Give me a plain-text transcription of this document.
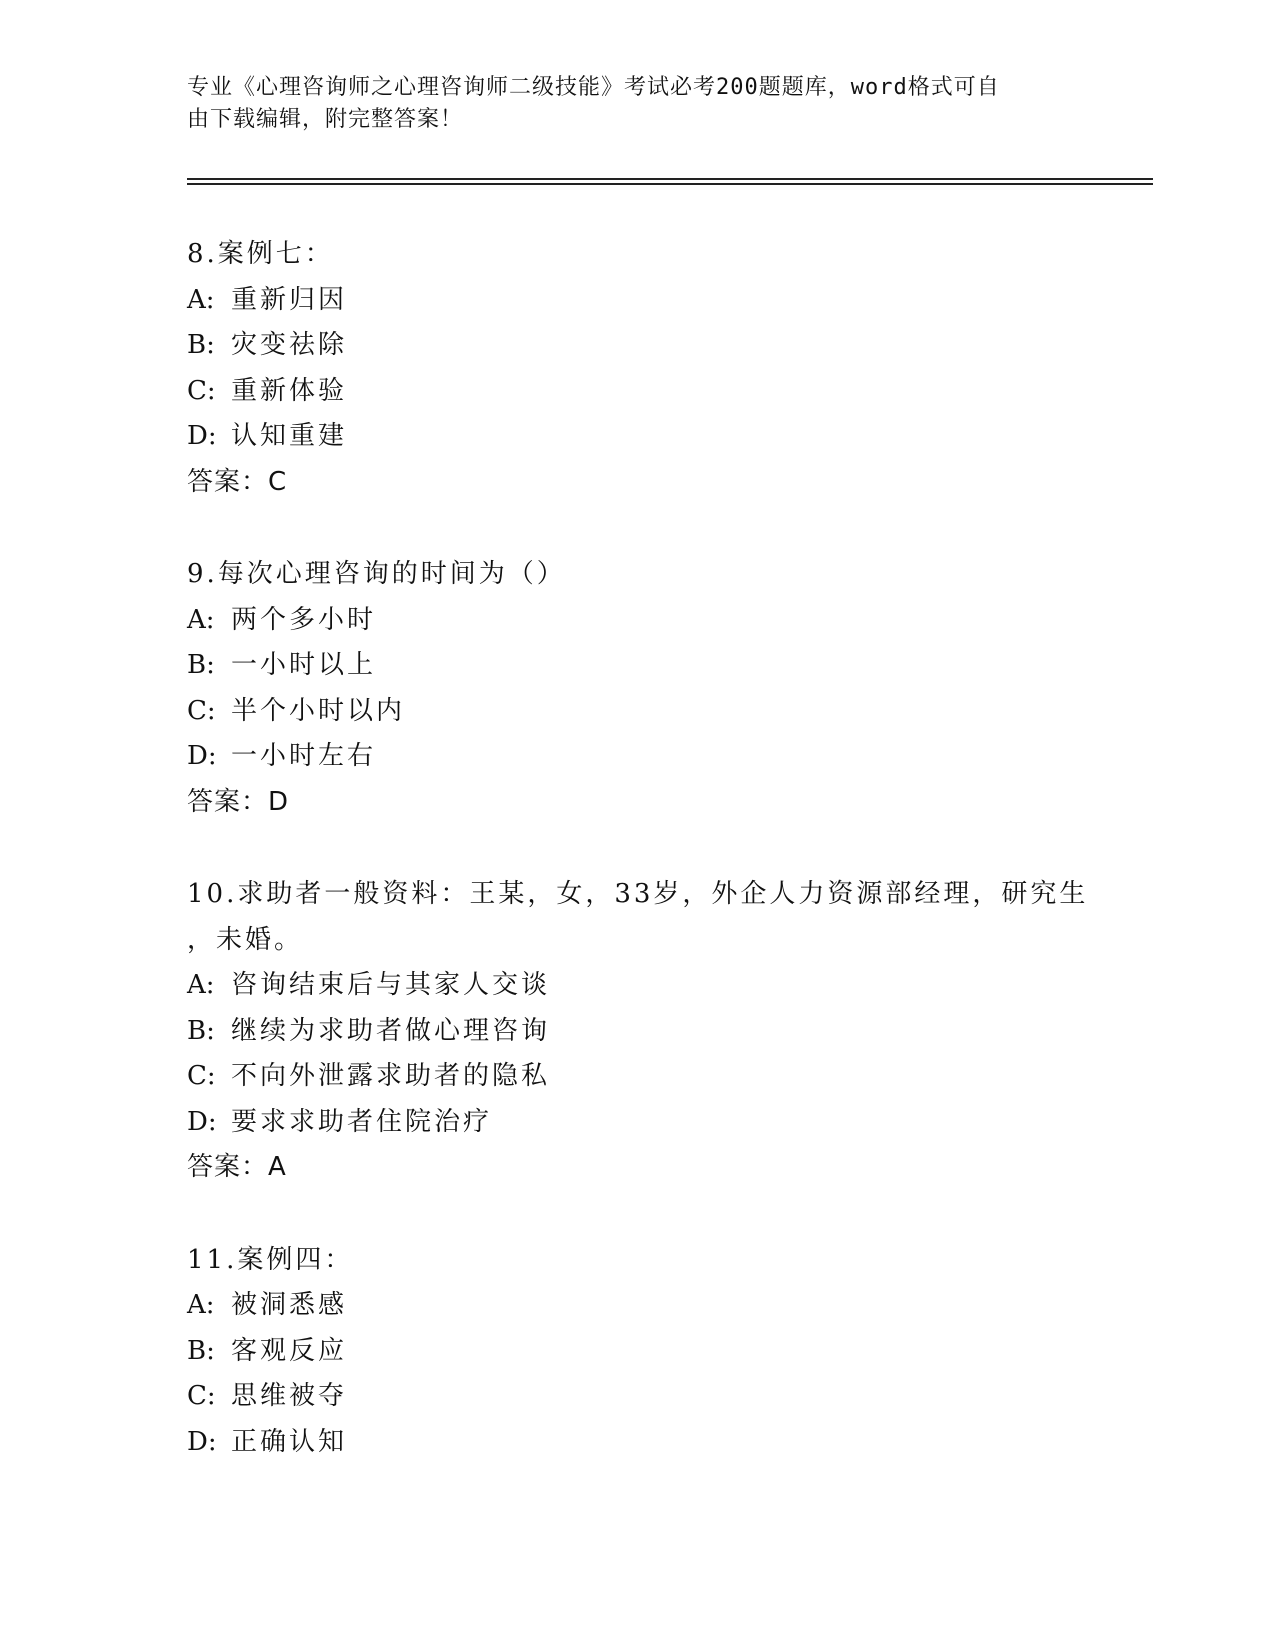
专业《心理咨询师之心理咨询师二级技能》考试必考200题题库，word格式可自
由下载编辑，附完整答案！
8.案例七：
A: 重新归因
B: 灾变祛除
C: 重新体验
D: 认知重建
答案：C
9.每次心理咨询的时间为（）
A: 两个多小时
B: 一小时以上
C: 半个小时以内
D: 一小时左右
答案：D
10.求助者一般资料：王某，女，33岁，外企人力资源部经理，研究生
，未婚。
A: 咨询结束后与其家人交谈
B: 继续为求助者做心理咨询
C: 不向外泄露求助者的隐私
D: 要求求助者住院治疗
答案：A
11.案例四：
A: 被洞悉感
B: 客观反应
C: 思维被夺
D: 正确认知
